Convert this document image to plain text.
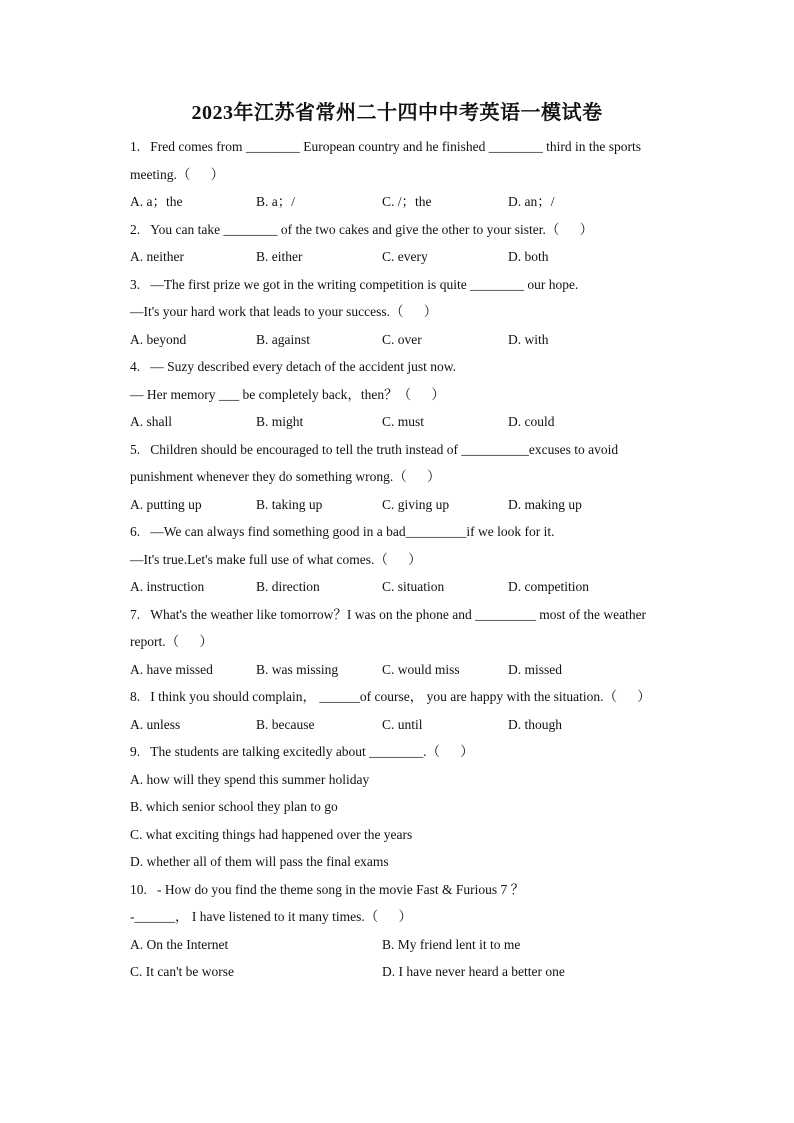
2023年江苏省常州二十四中中考英语一模试卷
1.   Fred comes from ________ European country and he finished ________ third in the sports
meeting.（      ）
A. a；the	B. a；/	C. /；the	D. an；/
2.   You can take ________ of the two cakes and give the other to your sister.（      ）
A. neither	B. either	C. every	D. both
3.   —The first prize we got in the writing competition is quite ________ our hope.
—It's your hard work that leads to your success.（      ）
A. beyond	B. against	C. over	D. with
4.   — Suzy described every detach of the accident just now.
— Her memory ___ be completely back，then？（      ）
A. shall	B. might	C. must	D. could
5.   Children should be encouraged to tell the truth instead of __________excuses to avoid
punishment whenever they do something wrong.（      ）
A. putting up	B. taking up	C. giving up	D. making up
6.   —We can always find something good in a bad_________if we look for it.
—It's true.Let's make full use of what comes.（      ）
A. instruction	B. direction	C. situation	D. competition
7.   What's the weather like tomorrow？I was on the phone and _________ most of the weather
report.（      ）
A. have missed	B. was missing	C. would miss	D. missed
8.   I think you should complain， ______of course， you are happy with the situation.（      ）
A. unless	B. because	C. until	D. though
9.   The students are talking excitedly about ________.（      ）
A. how will they spend this summer holiday
B. which senior school they plan to go
C. what exciting things had happened over the years
D. whether all of them will pass the final exams
10.   - How do you find the theme song in the movie Fast & Furious 7 ？
-______， I have listened to it many times.（      ）
A. On the Internet	B. My friend lent it to me
C. It can't be worse	D. I have never heard a better one
